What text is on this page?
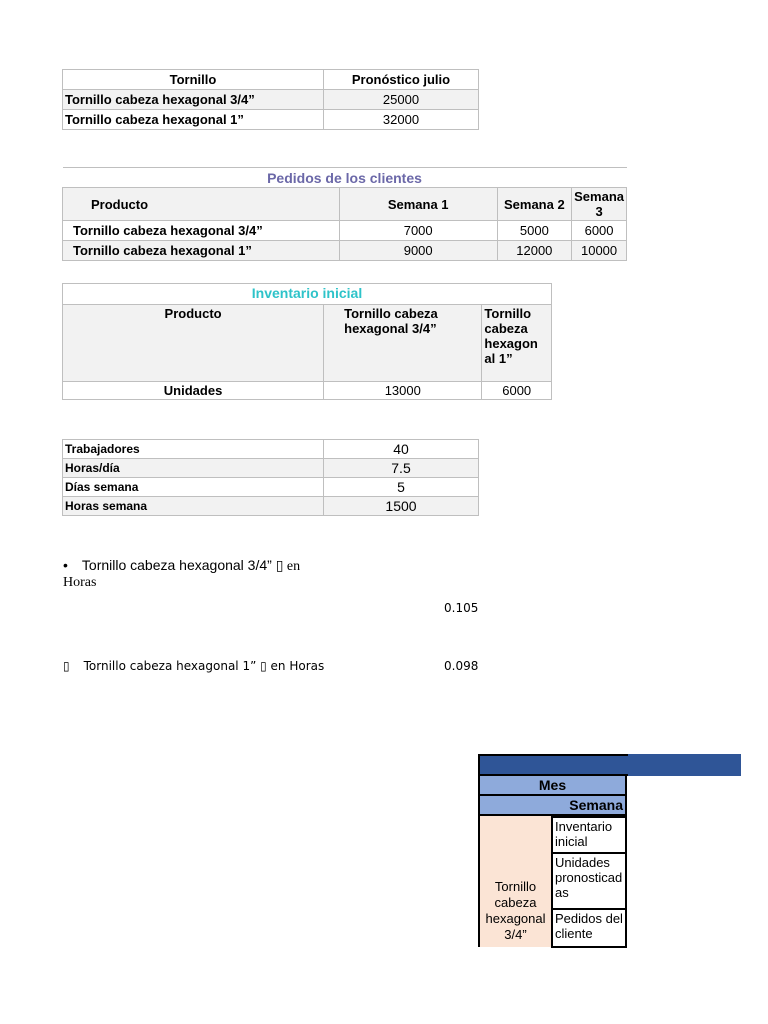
Tornillo	Pronóstico julio
Tornillo cabeza hexagonal 3/4”	25000
Tornillo cabeza hexagonal 1”	32000
Pedidos de los clientes			
Producto	Semana 1	Semana 2	Semana 3
Tornillo cabeza hexagonal 3/4”	7000	5000	6000
Tornillo cabeza hexagonal 1”	9000	12000	10000
Inventario inicial		
Producto	Tornillo cabeza hexagonal 3/4”	Tornillo cabeza hexagon al 1”
Unidades	13000	6000
Trabajadores	40
Horas/día	7.5
Días semana	5
Horas semana	1500
• Tornillo cabeza hexagonal 3/4” ▯ en
Horas
0.105
▯ Tornillo cabeza hexagonal 1” ▯ en Horas	0.098
Mes
Semana
Tornillo cabeza hexagonal 3/4”
Inventario inicial
Unidades pronosticad as
Pedidos del cliente
